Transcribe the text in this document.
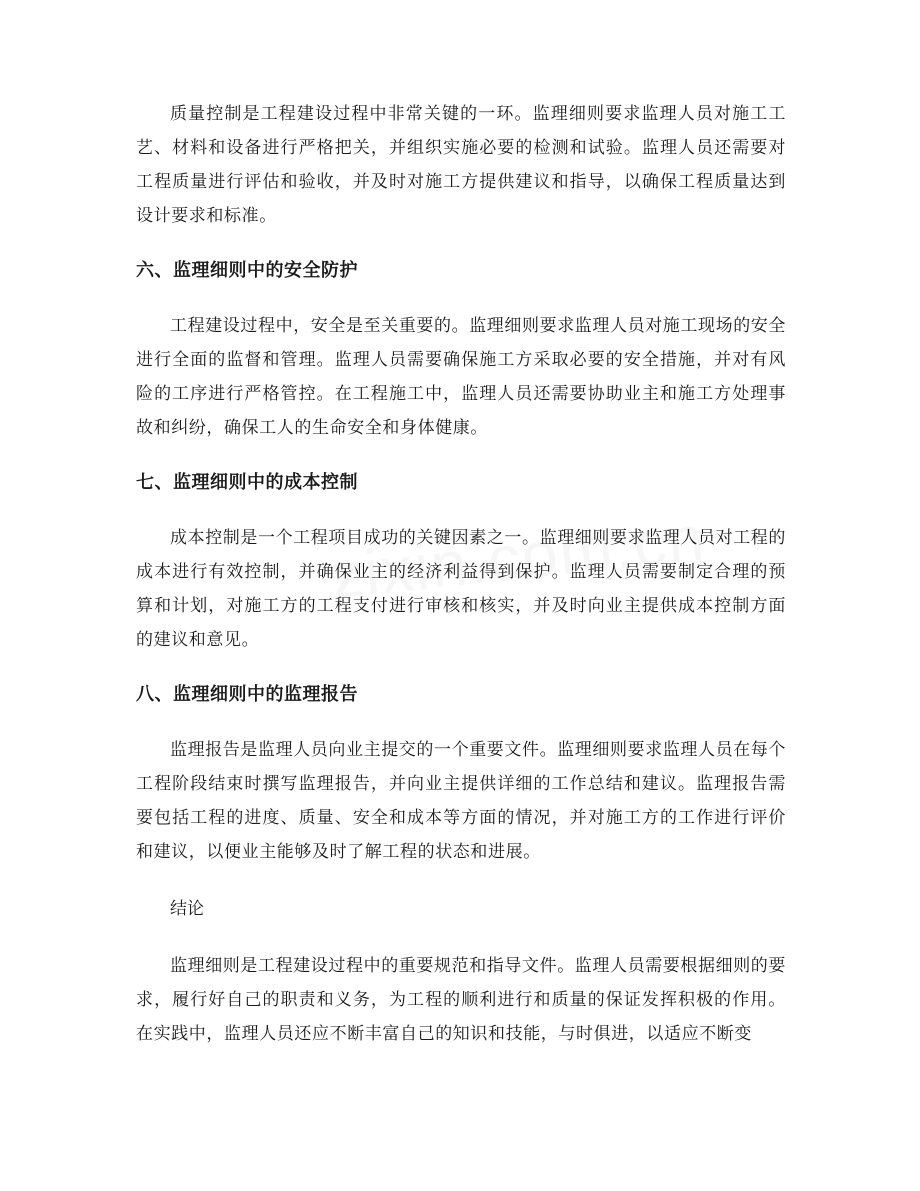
质量控制是工程建设过程中非常关键的一环。监理细则要求监理人员对施工工艺、材料和设备进行严格把关，并组织实施必要的检测和试验。监理人员还需要对工程质量进行评估和验收，并及时对施工方提供建议和指导，以确保工程质量达到设计要求和标准。

六、监理细则中的安全防护

工程建设过程中，安全是至关重要的。监理细则要求监理人员对施工现场的安全进行全面的监督和管理。监理人员需要确保施工方采取必要的安全措施，并对有风险的工序进行严格管控。在工程施工中，监理人员还需要协助业主和施工方处理事故和纠纷，确保工人的生命安全和身体健康。

七、监理细则中的成本控制

成本控制是一个工程项目成功的关键因素之一。监理细则要求监理人员对工程的成本进行有效控制，并确保业主的经济利益得到保护。监理人员需要制定合理的预算和计划，对施工方的工程支付进行审核和核实，并及时向业主提供成本控制方面的建议和意见。

八、监理细则中的监理报告

监理报告是监理人员向业主提交的一个重要文件。监理细则要求监理人员在每个工程阶段结束时撰写监理报告，并向业主提供详细的工作总结和建议。监理报告需要包括工程的进度、质量、安全和成本等方面的情况，并对施工方的工作进行评价和建议，以便业主能够及时了解工程的状态和进展。

结论

监理细则是工程建设过程中的重要规范和指导文件。监理人员需要根据细则的要求，履行好自己的职责和义务，为工程的顺利进行和质量的保证发挥积极的作用。在实践中，监理人员还应不断丰富自己的知识和技能，与时俱进，以适应不断变
